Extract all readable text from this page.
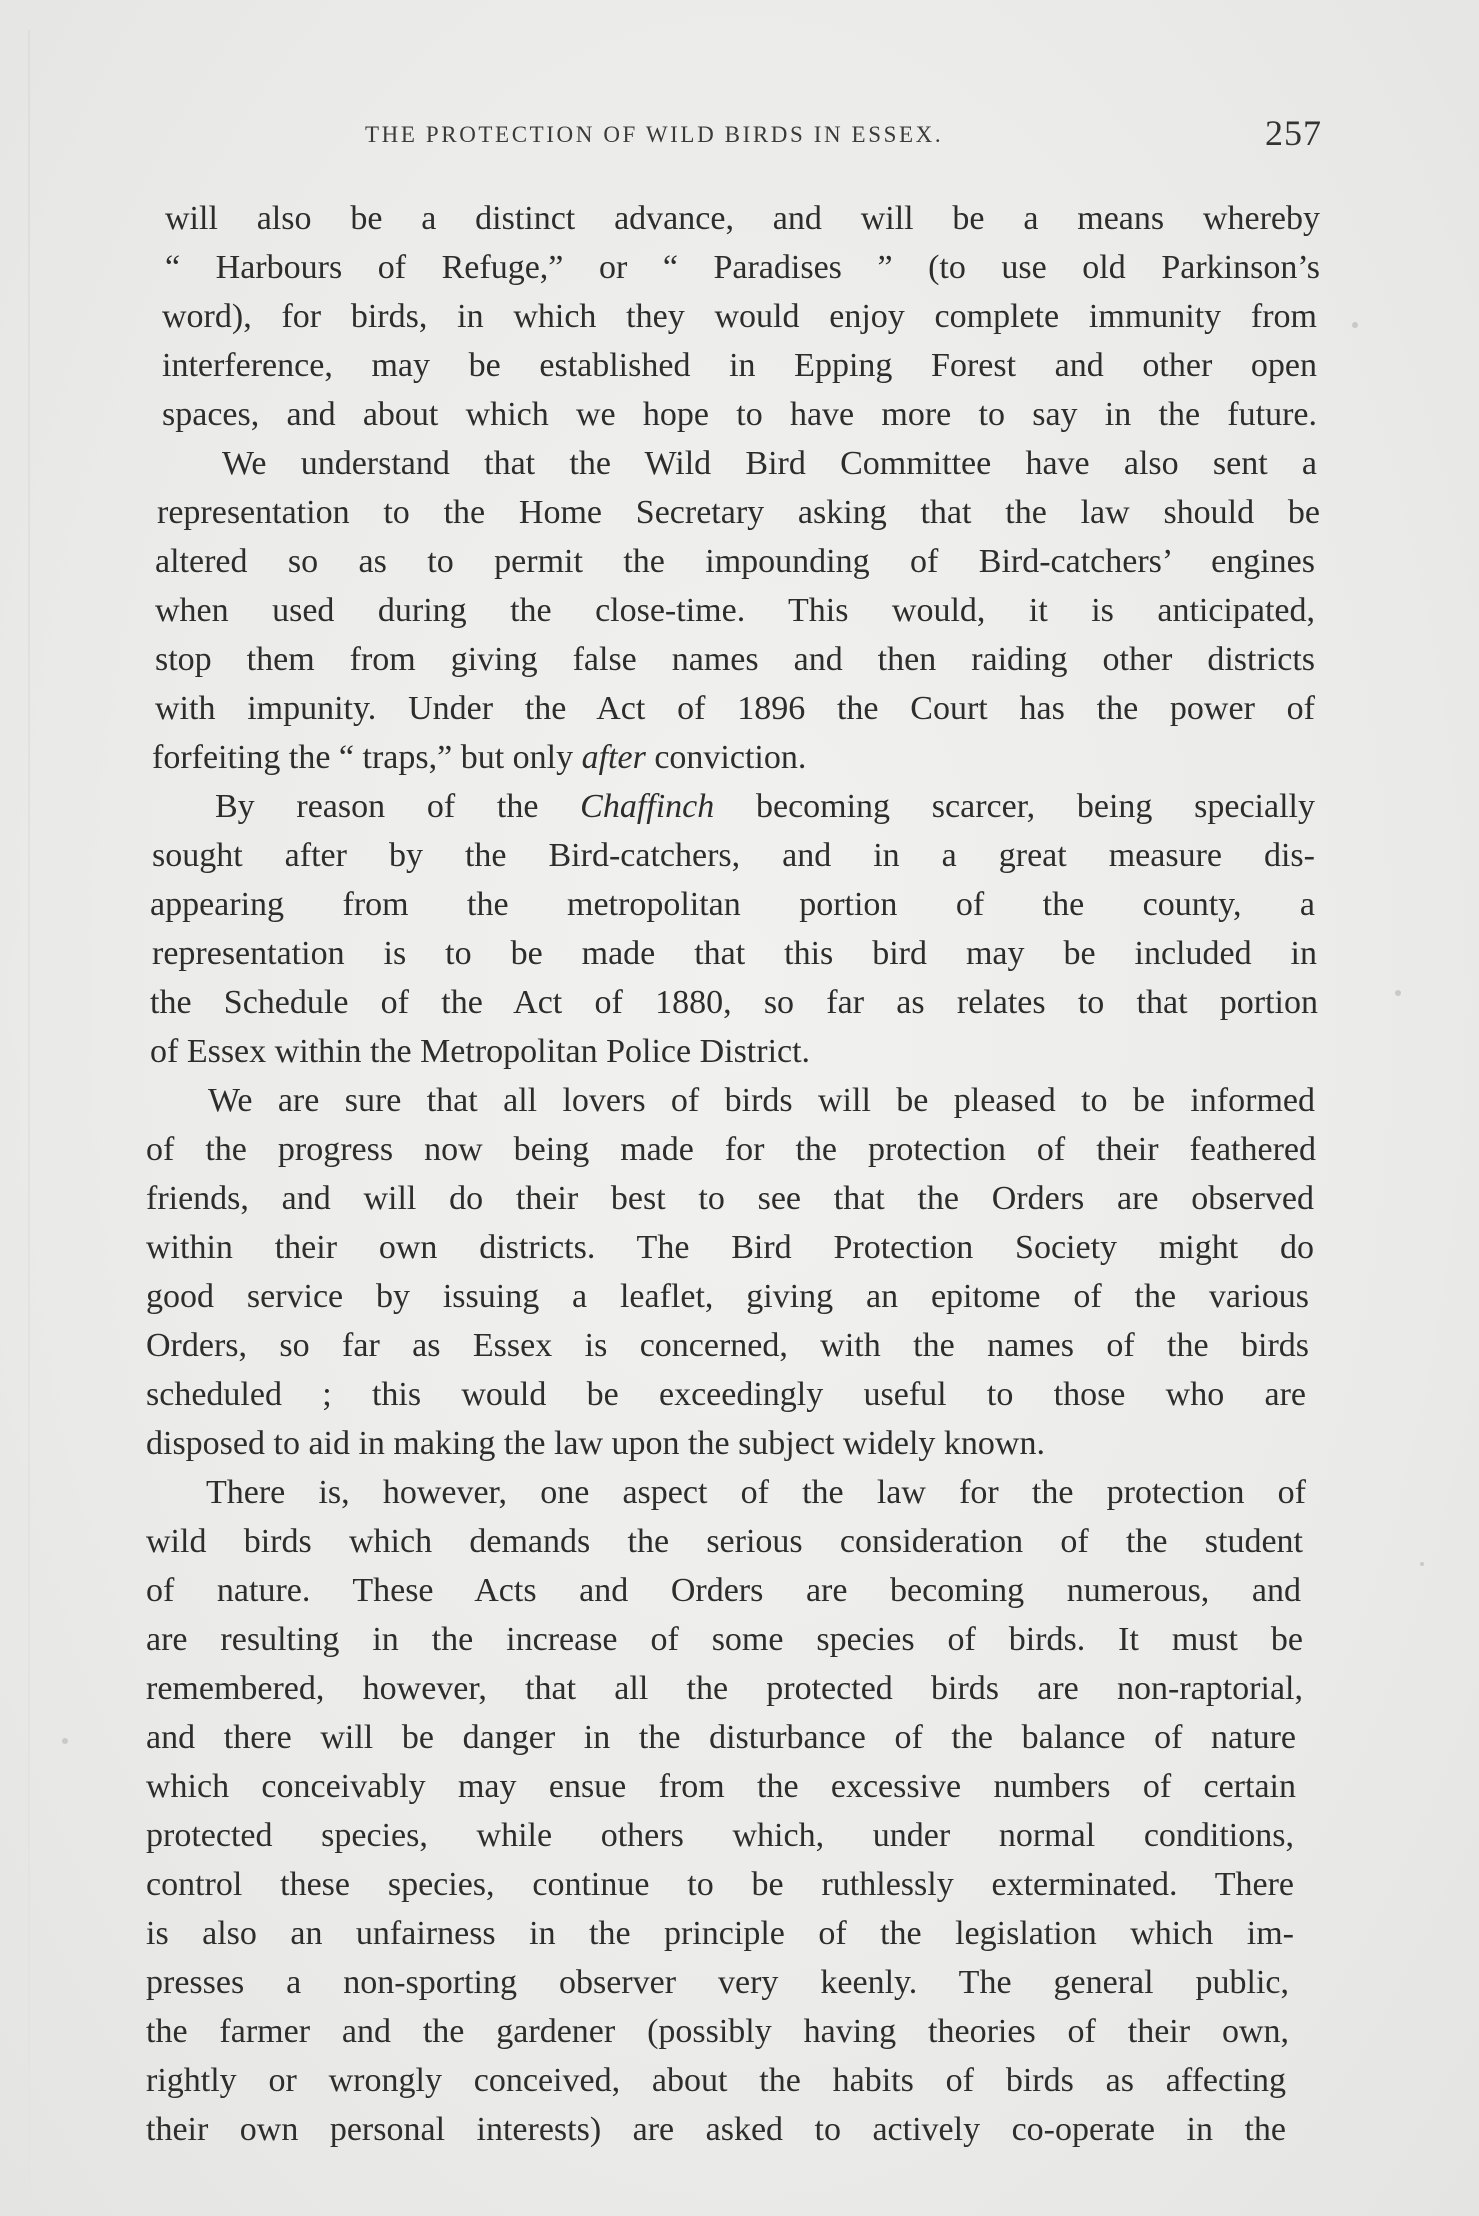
THE PROTECTION OF WILD BIRDS IN ESSEX.	257
will also be a distinct advance, and will be a means whereby
“ Harbours of Refuge,” or “ Paradises ” (to use old Parkinson’s
word), for birds, in which they would enjoy complete immunity from
interference, may be established in Epping Forest and other open
spaces, and about which we hope to have more to say in the future.
We understand that the Wild Bird Committee have also sent a
representation to the Home Secretary asking that the law should be
altered so as to permit the impounding of Bird-catchers’ engines
when used during the close-time. This would, it is anticipated,
stop them from giving false names and then raiding other districts
with impunity. Under the Act of 1896 the Court has the power of
forfeiting the “ traps,” but only after conviction.
By reason of the Chaffinch becoming scarcer, being specially
sought after by the Bird-catchers, and in a great measure dis-
appearing from the metropolitan portion of the county, a
representation is to be made that this bird may be included in
the Schedule of the Act of 1880, so far as relates to that portion
of Essex within the Metropolitan Police District.
We are sure that all lovers of birds will be pleased to be informed
of the progress now being made for the protection of their feathered
friends, and will do their best to see that the Orders are observed
within their own districts. The Bird Protection Society might do
good service by issuing a leaflet, giving an epitome of the various
Orders, so far as Essex is concerned, with the names of the birds
scheduled ; this would be exceedingly useful to those who are
disposed to aid in making the law upon the subject widely known.
There is, however, one aspect of the law for the protection of
wild birds which demands the serious consideration of the student
of nature. These Acts and Orders are becoming numerous, and
are resulting in the increase of some species of birds. It must be
remembered, however, that all the protected birds are non-raptorial,
and there will be danger in the disturbance of the balance of nature
which conceivably may ensue from the excessive numbers of certain
protected species, while others which, under normal conditions,
control these species, continue to be ruthlessly exterminated. There
is also an unfairness in the principle of the legislation which im-
presses a non-sporting observer very keenly. The general public,
the farmer and the gardener (possibly having theories of their own,
rightly or wrongly conceived, about the habits of birds as affecting
their own personal interests) are asked to actively co-operate in the
